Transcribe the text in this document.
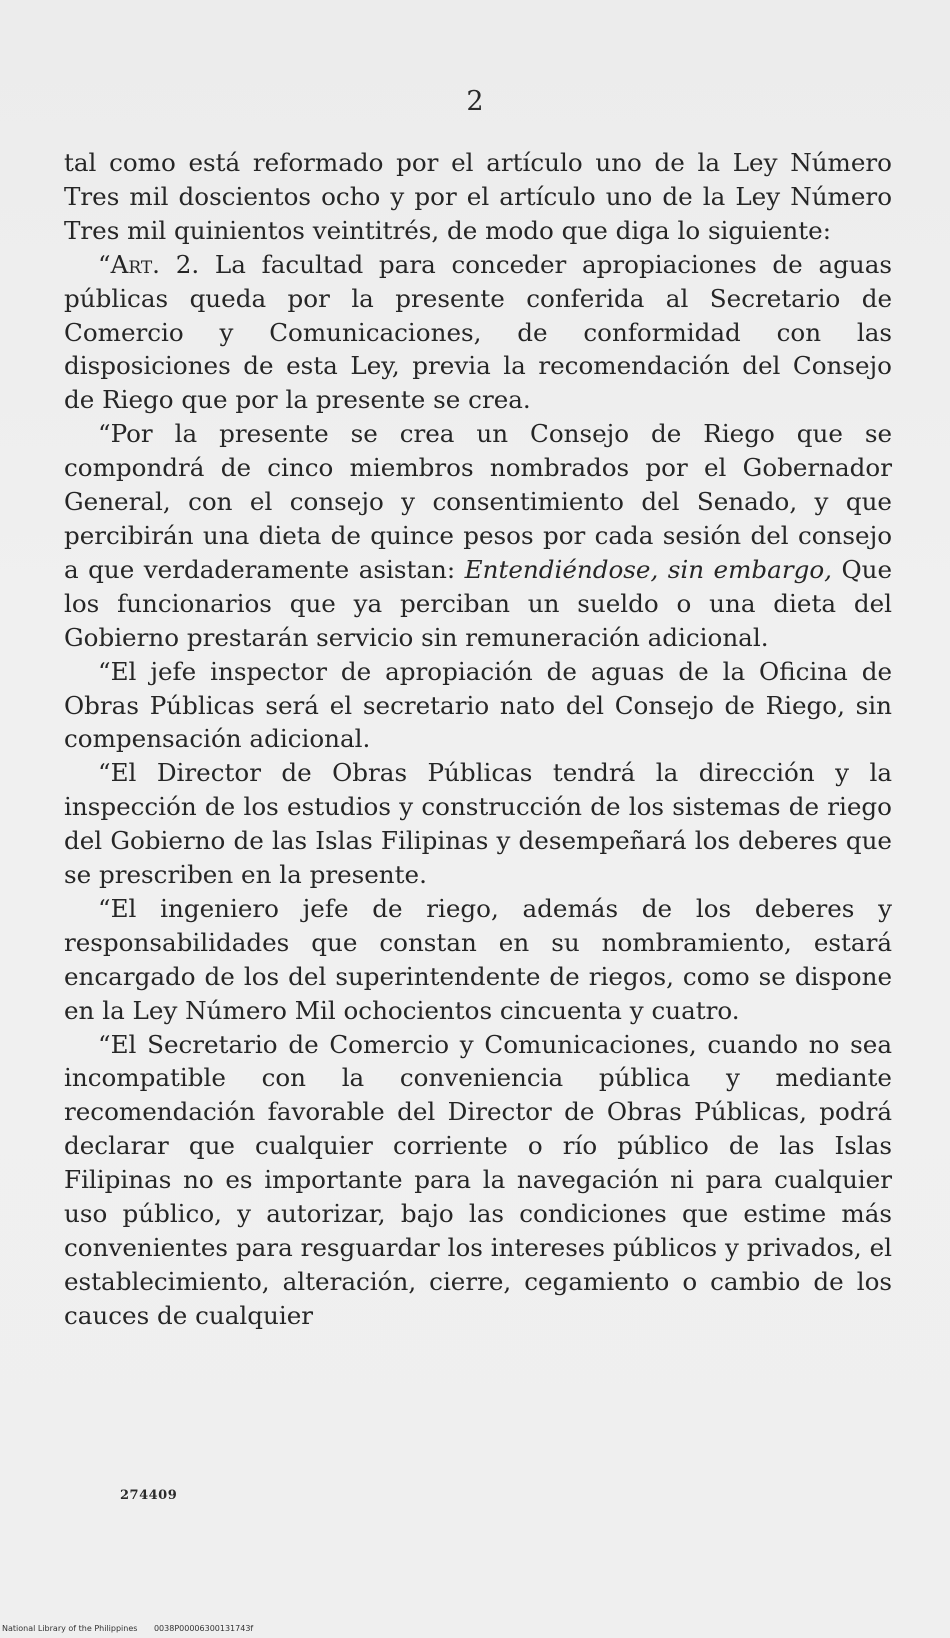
2

tal como está reformado por el artículo uno de la Ley Número Tres mil doscientos ocho y por el artículo uno de la Ley Número Tres mil quinientos veintitrés, de modo que diga lo siguiente:

“Art. 2. La facultad para conceder apropiaciones de aguas públicas queda por la presente conferida al Secretario de Comercio y Comunicaciones, de conformidad con las disposiciones de esta Ley, previa la recomendación del Consejo de Riego que por la presente se crea.

“Por la presente se crea un Consejo de Riego que se compondrá de cinco miembros nombrados por el Gobernador General, con el consejo y consentimiento del Senado, y que percibirán una dieta de quince pesos por cada sesión del consejo a que verdaderamente asistan: Entendiéndose, sin embargo, Que los funcionarios que ya perciban un sueldo o una dieta del Gobierno prestarán servicio sin remuneración adicional.

“El jefe inspector de apropiación de aguas de la Oficina de Obras Públicas será el secretario nato del Consejo de Riego, sin compensación adicional.

“El Director de Obras Públicas tendrá la dirección y la inspección de los estudios y construcción de los sistemas de riego del Gobierno de las Islas Filipinas y desempeñará los deberes que se prescriben en la presente.

“El ingeniero jefe de riego, además de los deberes y responsabilidades que constan en su nombramiento, estará encargado de los del superintendente de riegos, como se dispone en la Ley Número Mil ochocientos cincuenta y cuatro.

“El Secretario de Comercio y Comunicaciones, cuando no sea incompatible con la conveniencia pública y mediante recomendación favorable del Director de Obras Públicas, podrá declarar que cualquier corriente o río público de las Islas Filipinas no es importante para la navegación ni para cualquier uso público, y autorizar, bajo las condiciones que estime más convenientes para resguardar los intereses públicos y privados, el establecimiento, alteración, cierre, cegamiento o cambio de los cauces de cualquier

274409
National Library of the Philippines 0038P00006300131743f
